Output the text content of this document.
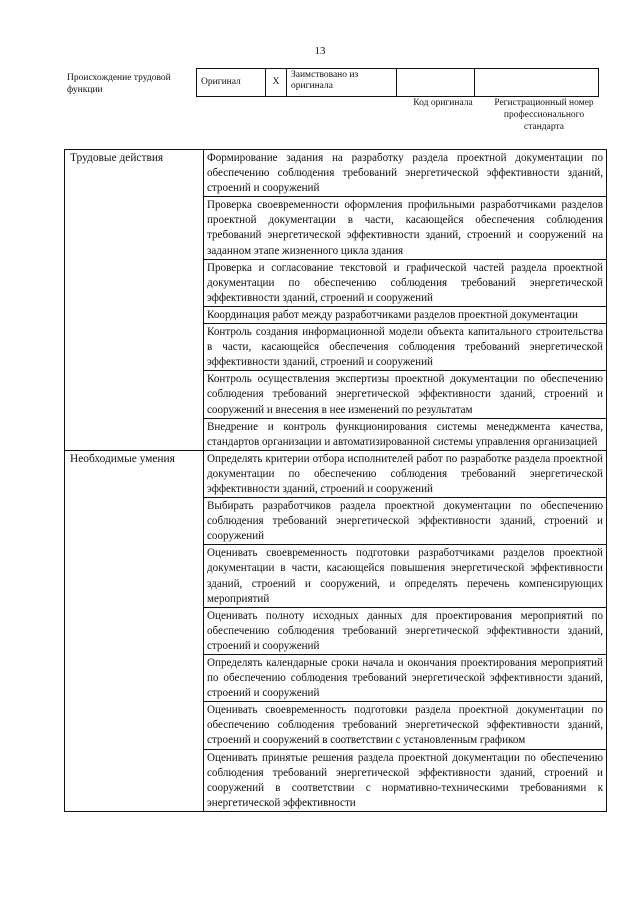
13
Происхождение трудовой функции
Оригинал	X	Заимствовано из оригинала		
Код оригинала	Регистрационный номер профессионального стандарта
Трудовые действия	Формирование задания на разработку раздела проектной документации по обеспечению соблюдения требований энергетической эффективности зданий, строений и сооружений
	Проверка своевременности оформления профильными разработчиками разделов проектной документации в части, касающейся обеспечения соблюдения требований энергетической эффективности зданий, строений и сооружений на заданном этапе жизненного цикла здания
	Проверка и согласование текстовой и графической частей раздела проектной документации по обеспечению соблюдения требований энергетической эффективности зданий, строений и сооружений
	Координация работ между разработчиками разделов проектной документации
	Контроль создания информационной модели объекта капитального строительства в части, касающейся обеспечения соблюдения требований энергетической эффективности зданий, строений и сооружений
	Контроль осуществления экспертизы проектной документации по обеспечению соблюдения требований энергетической эффективности зданий, строений и сооружений и внесения в нее изменений по результатам
	Внедрение и контроль функционирования системы менеджмента качества, стандартов организации и автоматизированной системы управления организацией
Необходимые умения	Определять критерии отбора исполнителей работ по разработке раздела проектной документации по обеспечению соблюдения требований энергетической эффективности зданий, строений и сооружений
	Выбирать разработчиков раздела проектной документации по обеспечению соблюдения требований энергетической эффективности зданий, строений и сооружений
	Оценивать своевременность подготовки разработчиками разделов проектной документации в части, касающейся повышения энергетической эффективности зданий, строений и сооружений, и определять перечень компенсирующих мероприятий
	Оценивать полноту исходных данных для проектирования мероприятий по обеспечению соблюдения требований энергетической эффективности зданий, строений и сооружений
	Определять календарные сроки начала и окончания проектирования мероприятий по обеспечению соблюдения требований энергетической эффективности зданий, строений и сооружений
	Оценивать своевременность подготовки раздела проектной документации по обеспечению соблюдения требований энергетической эффективности зданий, строений и сооружений в соответствии с установленным графиком
	Оценивать принятые решения раздела проектной документации по обеспечению соблюдения требований энергетической эффективности зданий, строений и сооружений в соответствии с нормативно-техническими требованиями к энергетической эффективности
